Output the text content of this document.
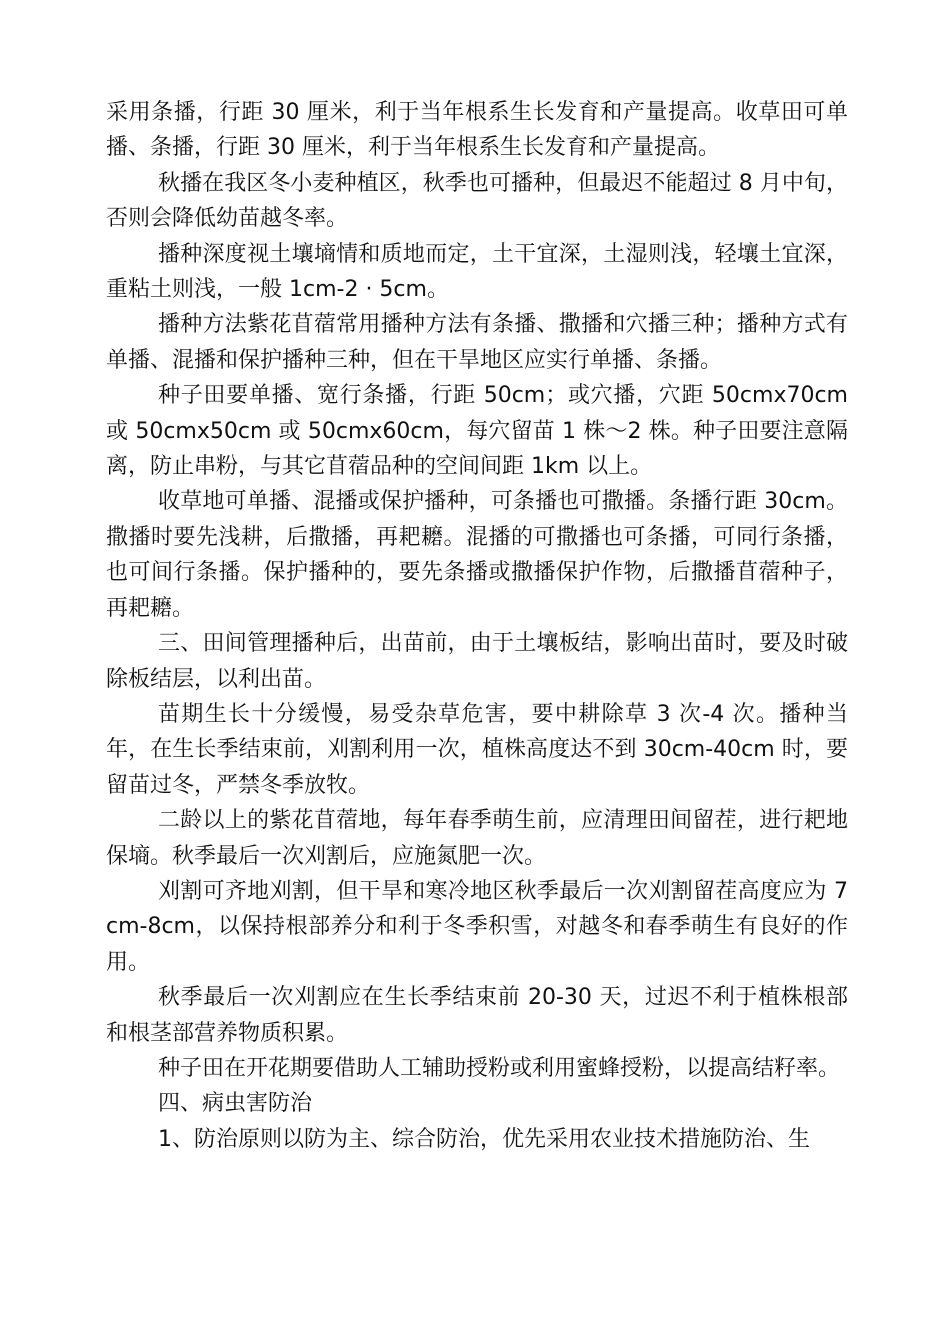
采用条播，行距 30 厘米，利于当年根系生长发育和产量提高。收草田可单播、条播，行距 30 厘米，利于当年根系生长发育和产量提高。

秋播在我区冬小麦种植区，秋季也可播种，但最迟不能超过 8 月中旬，否则会降低幼苗越冬率。

播种深度视土壤墒情和质地而定，土干宜深，土湿则浅，轻壤土宜深，重粘土则浅，一般 1cm-2 · 5cm。

播种方法紫花苜蓿常用播种方法有条播、撒播和穴播三种；播种方式有单播、混播和保护播种三种，但在干旱地区应实行单播、条播。

种子田要单播、宽行条播，行距 50cm；或穴播，穴距 50cmx70cm 或 50cmx50cm 或 50cmx60cm，每穴留苗 1 株～2 株。种子田要注意隔离，防止串粉，与其它苜蓿品种的空间间距 1km 以上。

收草地可单播、混播或保护播种，可条播也可撒播。条播行距 30cm。撒播时要先浅耕，后撒播，再耙耱。混播的可撒播也可条播，可同行条播，也可间行条播。保护播种的，要先条播或撒播保护作物，后撒播苜蓿种子，再耙耱。

三、田间管理播种后，出苗前，由于土壤板结，影响出苗时，要及时破除板结层，以利出苗。

苗期生长十分缓慢，易受杂草危害，要中耕除草 3 次-4 次。播种当年，在生长季结束前，刈割利用一次，植株高度达不到 30cm-40cm 时，要留苗过冬，严禁冬季放牧。

二龄以上的紫花苜蓿地，每年春季萌生前，应清理田间留茬，进行耙地保墒。秋季最后一次刈割后，应施氮肥一次。

刈割可齐地刈割，但干旱和寒冷地区秋季最后一次刈割留茬高度应为 7cm-8cm，以保持根部养分和利于冬季积雪，对越冬和春季萌生有良好的作用。

秋季最后一次刈割应在生长季结束前 20-30 天，过迟不利于植株根部和根茎部营养物质积累。

种子田在开花期要借助人工辅助授粉或利用蜜蜂授粉，以提高结籽率。

四、病虫害防治

1、防治原则以防为主、综合防治，优先采用农业技术措施防治、生
